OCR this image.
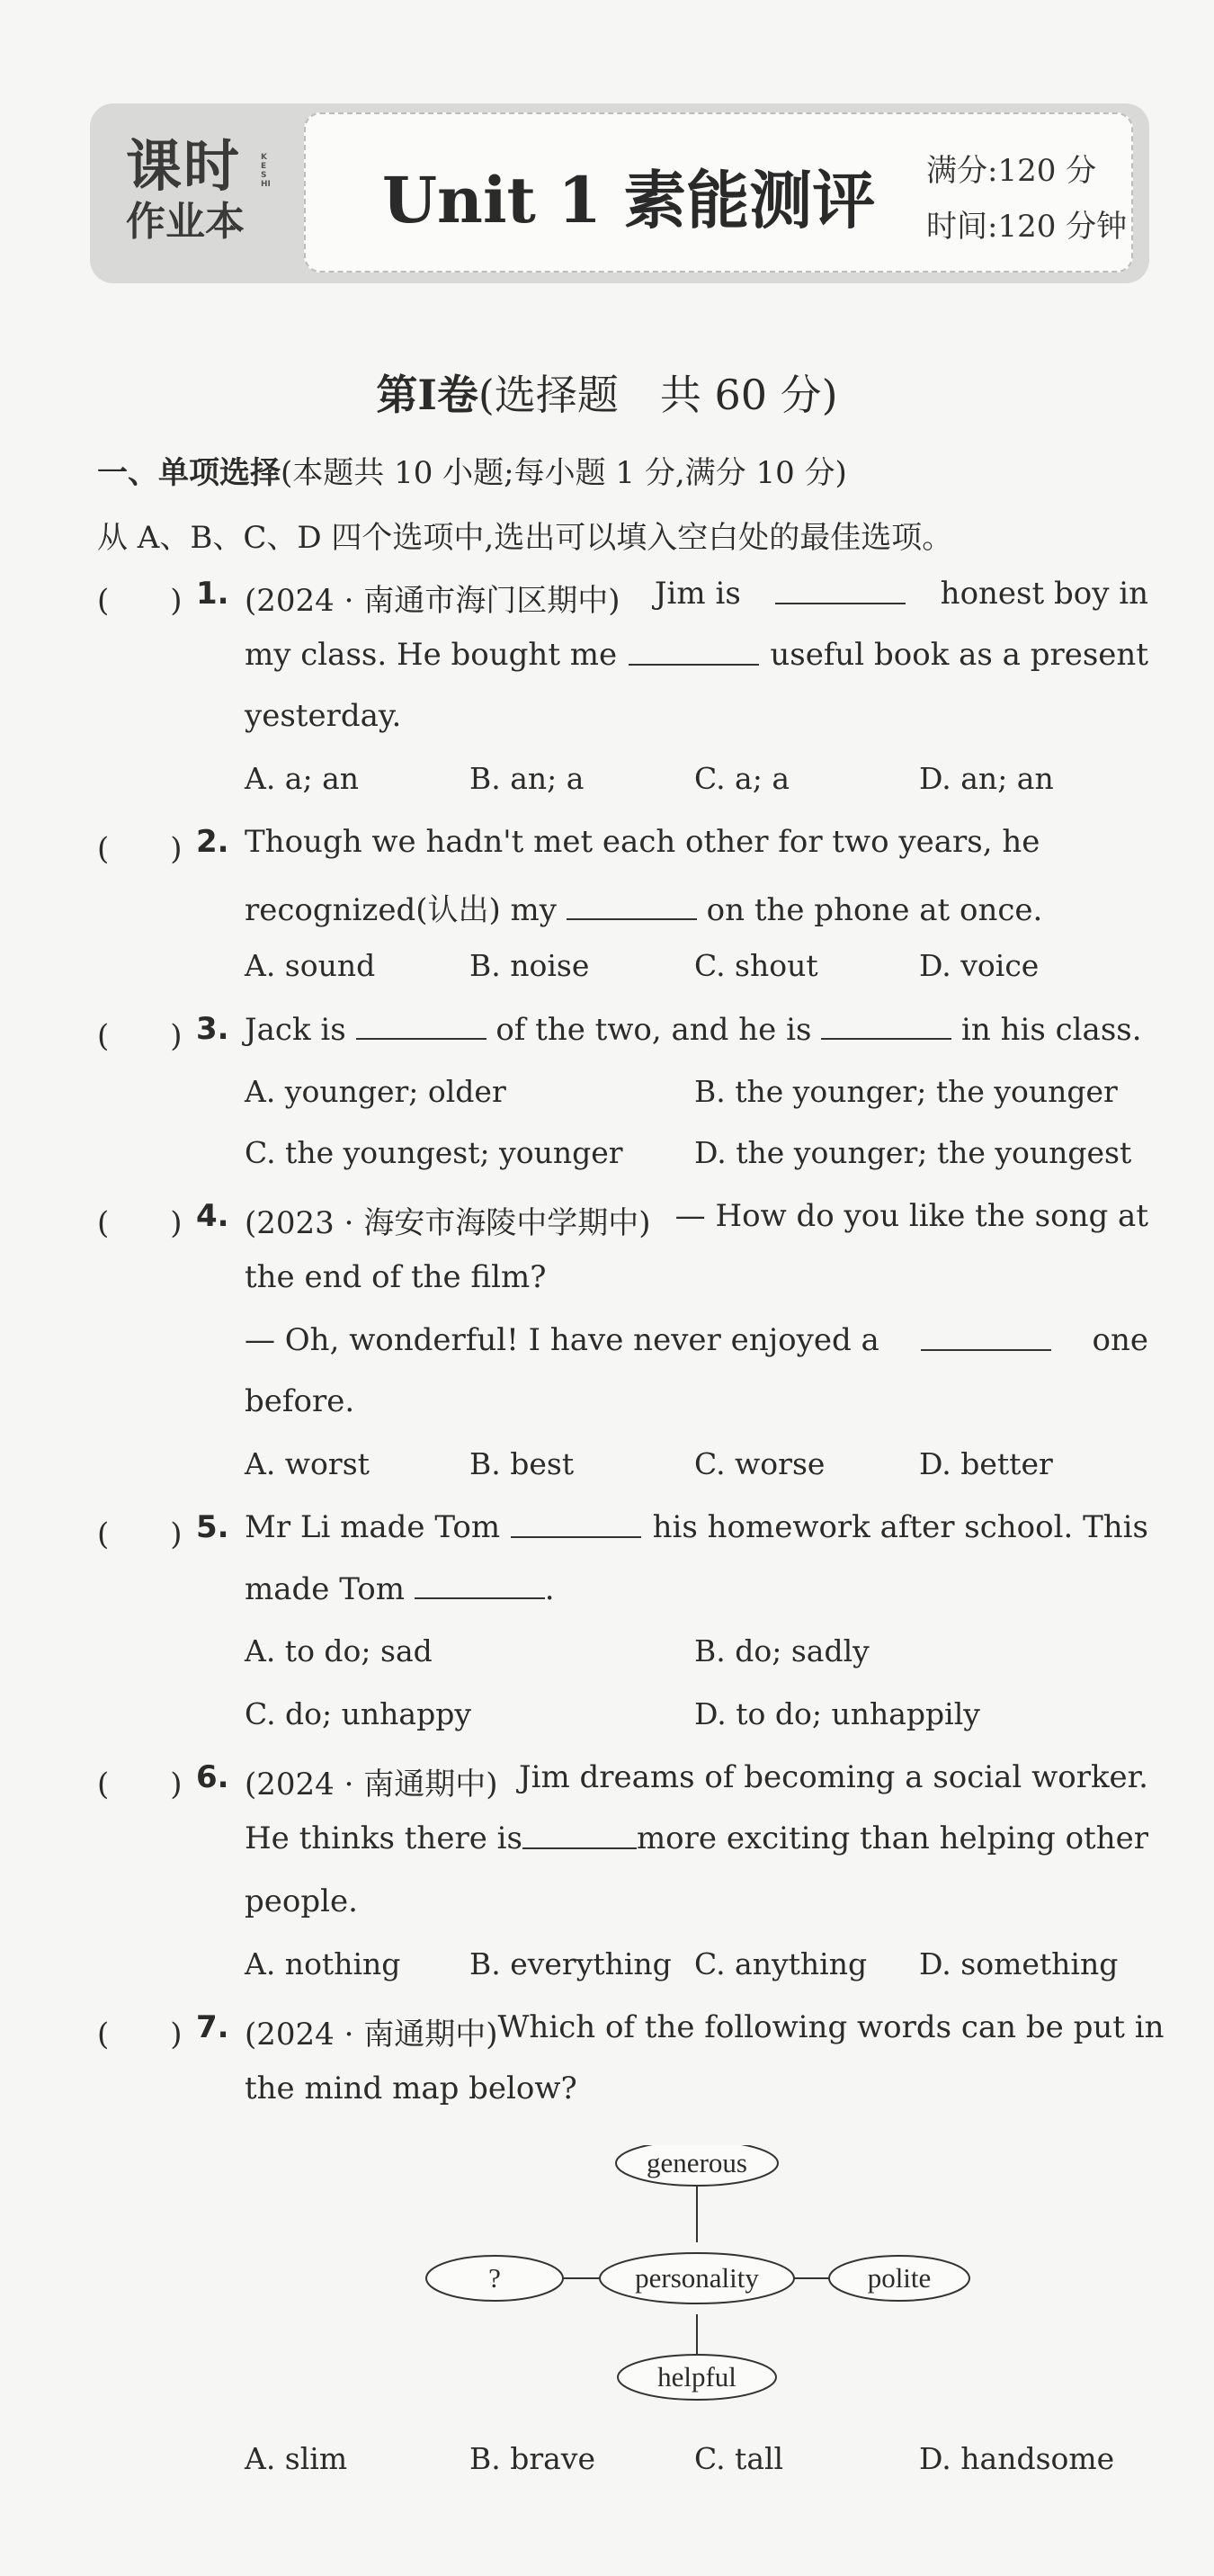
课时
作业本
KESHI Unit 1 素能测评 满分:120 分
时间:120 分钟
第Ⅰ卷(选择题　共 60 分)
一、单项选择(本题共 10 小题;每小题 1 分,满分 10 分)
从 A、B、C、D 四个选项中,选出可以填入空白处的最佳选项。
(　　) 1. (2024 · 南通市海门区期中) Jim is	honest boy in
my class. He bought me	useful book as a present
yesterday.
A. a; an	B. an; a	C. a; a	D. an; an
(　　) 2. Though we hadn't met each other for two years, he
recognized(认出) my	on the phone at once.
A. sound	B. noise	C. shout	D. voice
(　　) 3. Jack is	of the two, and he is	in his class.
A. younger; older	B. the younger; the younger
C. the youngest; younger D. the younger; the youngest
(　　) 4. (2023 · 海安市海陵中学期中) — How do you like the song at
the end of the film?
— Oh, wonderful! I have never enjoyed a	one
before.
A. worst	B. best	C. worse	D. better
(　　) 5. Mr Li made Tom	his homework after school. This
made Tom	.
A. to do; sad	B. do; sadly
C. do; unhappy	D. to do; unhappily
(　　) 6. (2024 · 南通期中) Jim dreams of becoming a social worker.
He thinks there is	more exciting than helping other
people.
A. nothing B. everything C. anything D. something
(　　) 7. (2024 · 南通期中) Which of the following words can be put in
the mind map below?
generous
personality
?	polite
helpful
A. slim	B. brave	C. tall	D. handsome
